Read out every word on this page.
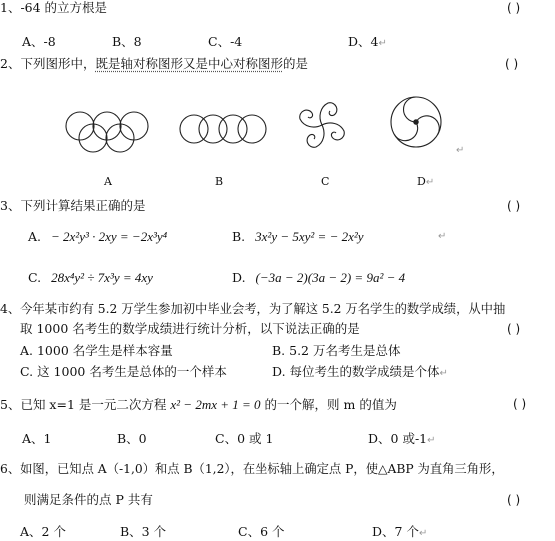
1、-64 的立方根是	( )
A、-8	B、8	C、-4	D、4↵
2、下列图形中，既是轴对称图形又是中心对称图形的是	( )
↵
A	B	C	D↵
3、下列计算结果正确的是	( )
A. − 2x²y³ · 2xy = −2x³y⁴	B. 3x²y − 5xy² = − 2x²y	↵
C. 28x⁴y² ÷ 7x³y = 4xy	D. (−3a − 2)(3a − 2) = 9a² − 4
4、今年某市约有 5.2 万学生参加初中毕业会考，为了解这 5.2 万名学生的数学成绩，从中抽
取 1000 名考生的数学成绩进行统计分析，以下说法正确的是	( )
A. 1000 名学生是样本容量	B. 5.2 万名考生是总体
C. 这 1000 名考生是总体的一个样本	D. 每位考生的数学成绩是个体↵
5、已知 x=1 是一元二次方程 x² − 2mx + 1 = 0 的一个解，则 m 的值为	( )
A、1	B、0	C、0 或 1	D、0 或-1↵
6、如图，已知点 A（-1,0）和点 B（1,2），在坐标轴上确定点 P，使△ABP 为直角三角形，
则满足条件的点 P 共有	( )
A、2 个	B、3 个	C、6 个	D、7 个↵
